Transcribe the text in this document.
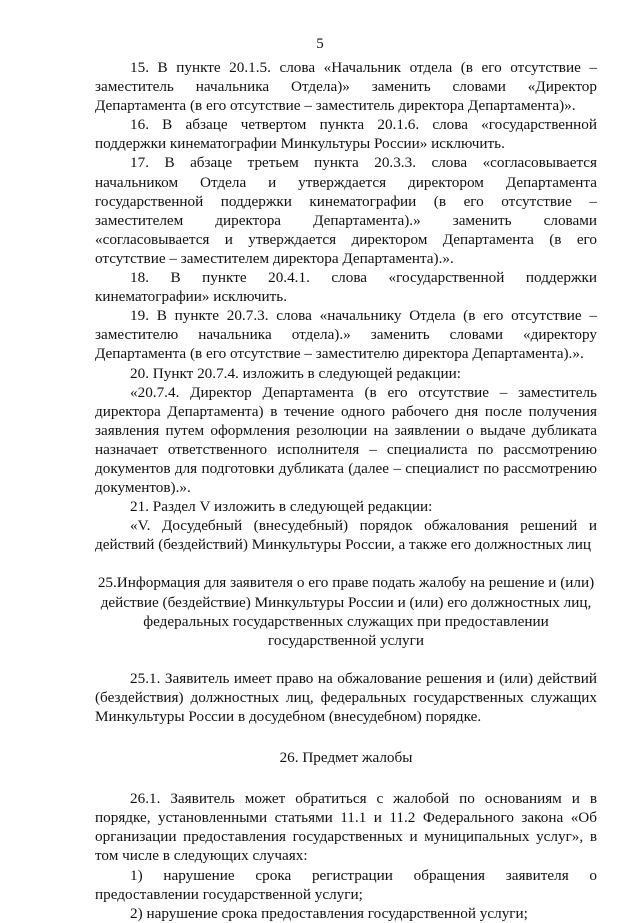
5

15. В пункте 20.1.5. слова «Начальник отдела (в его отсутствие – заместитель начальника Отдела)» заменить словами «Директор Департамента (в его отсутствие – заместитель директора Департамента)».

16. В абзаце четвертом пункта 20.1.6. слова «государственной поддержки кинематографии Минкультуры России» исключить.

17. В абзаце третьем пункта 20.3.3. слова «согласовывается начальником Отдела и утверждается директором Департамента государственной поддержки кинематографии (в его отсутствие – заместителем директора Департамента).» заменить словами «согласовывается и утверждается директором Департамента (в его отсутствие – заместителем директора Департамента).».

18. В пункте 20.4.1. слова «государственной поддержки кинематографии» исключить.

19. В пункте 20.7.3. слова «начальнику Отдела (в его отсутствие – заместителю начальника отдела).» заменить словами «директору Департамента (в его отсутствие – заместителю директора Департамента).».

20. Пункт 20.7.4. изложить в следующей редакции:

«20.7.4. Директор Департамента (в его отсутствие – заместитель директора Департамента) в течение одного рабочего дня после получения заявления путем оформления резолюции на заявлении о выдаче дубликата назначает ответственного исполнителя – специалиста по рассмотрению документов для подготовки дубликата (далее – специалист по рассмотрению документов).».

21. Раздел V изложить в следующей редакции:

«V. Досудебный (внесудебный) порядок обжалования решений и действий (бездействий) Минкультуры России, а также его должностных лиц

25.Информация для заявителя о его праве подать жалобу на решение и (или) действие (бездействие) Минкультуры России и (или) его должностных лиц, федеральных государственных служащих при предоставлении государственной услуги

25.1. Заявитель имеет право на обжалование решения и (или) действий (бездействия) должностных лиц, федеральных государственных служащих Минкультуры России в досудебном (внесудебном) порядке.

26. Предмет жалобы

26.1. Заявитель может обратиться с жалобой по основаниям и в порядке, установленными статьями 11.1 и 11.2 Федерального закона «Об организации предоставления государственных и муниципальных услуг», в том числе в следующих случаях:

1) нарушение срока регистрации обращения заявителя о предоставлении государственной услуги;

2) нарушение срока предоставления государственной услуги;
